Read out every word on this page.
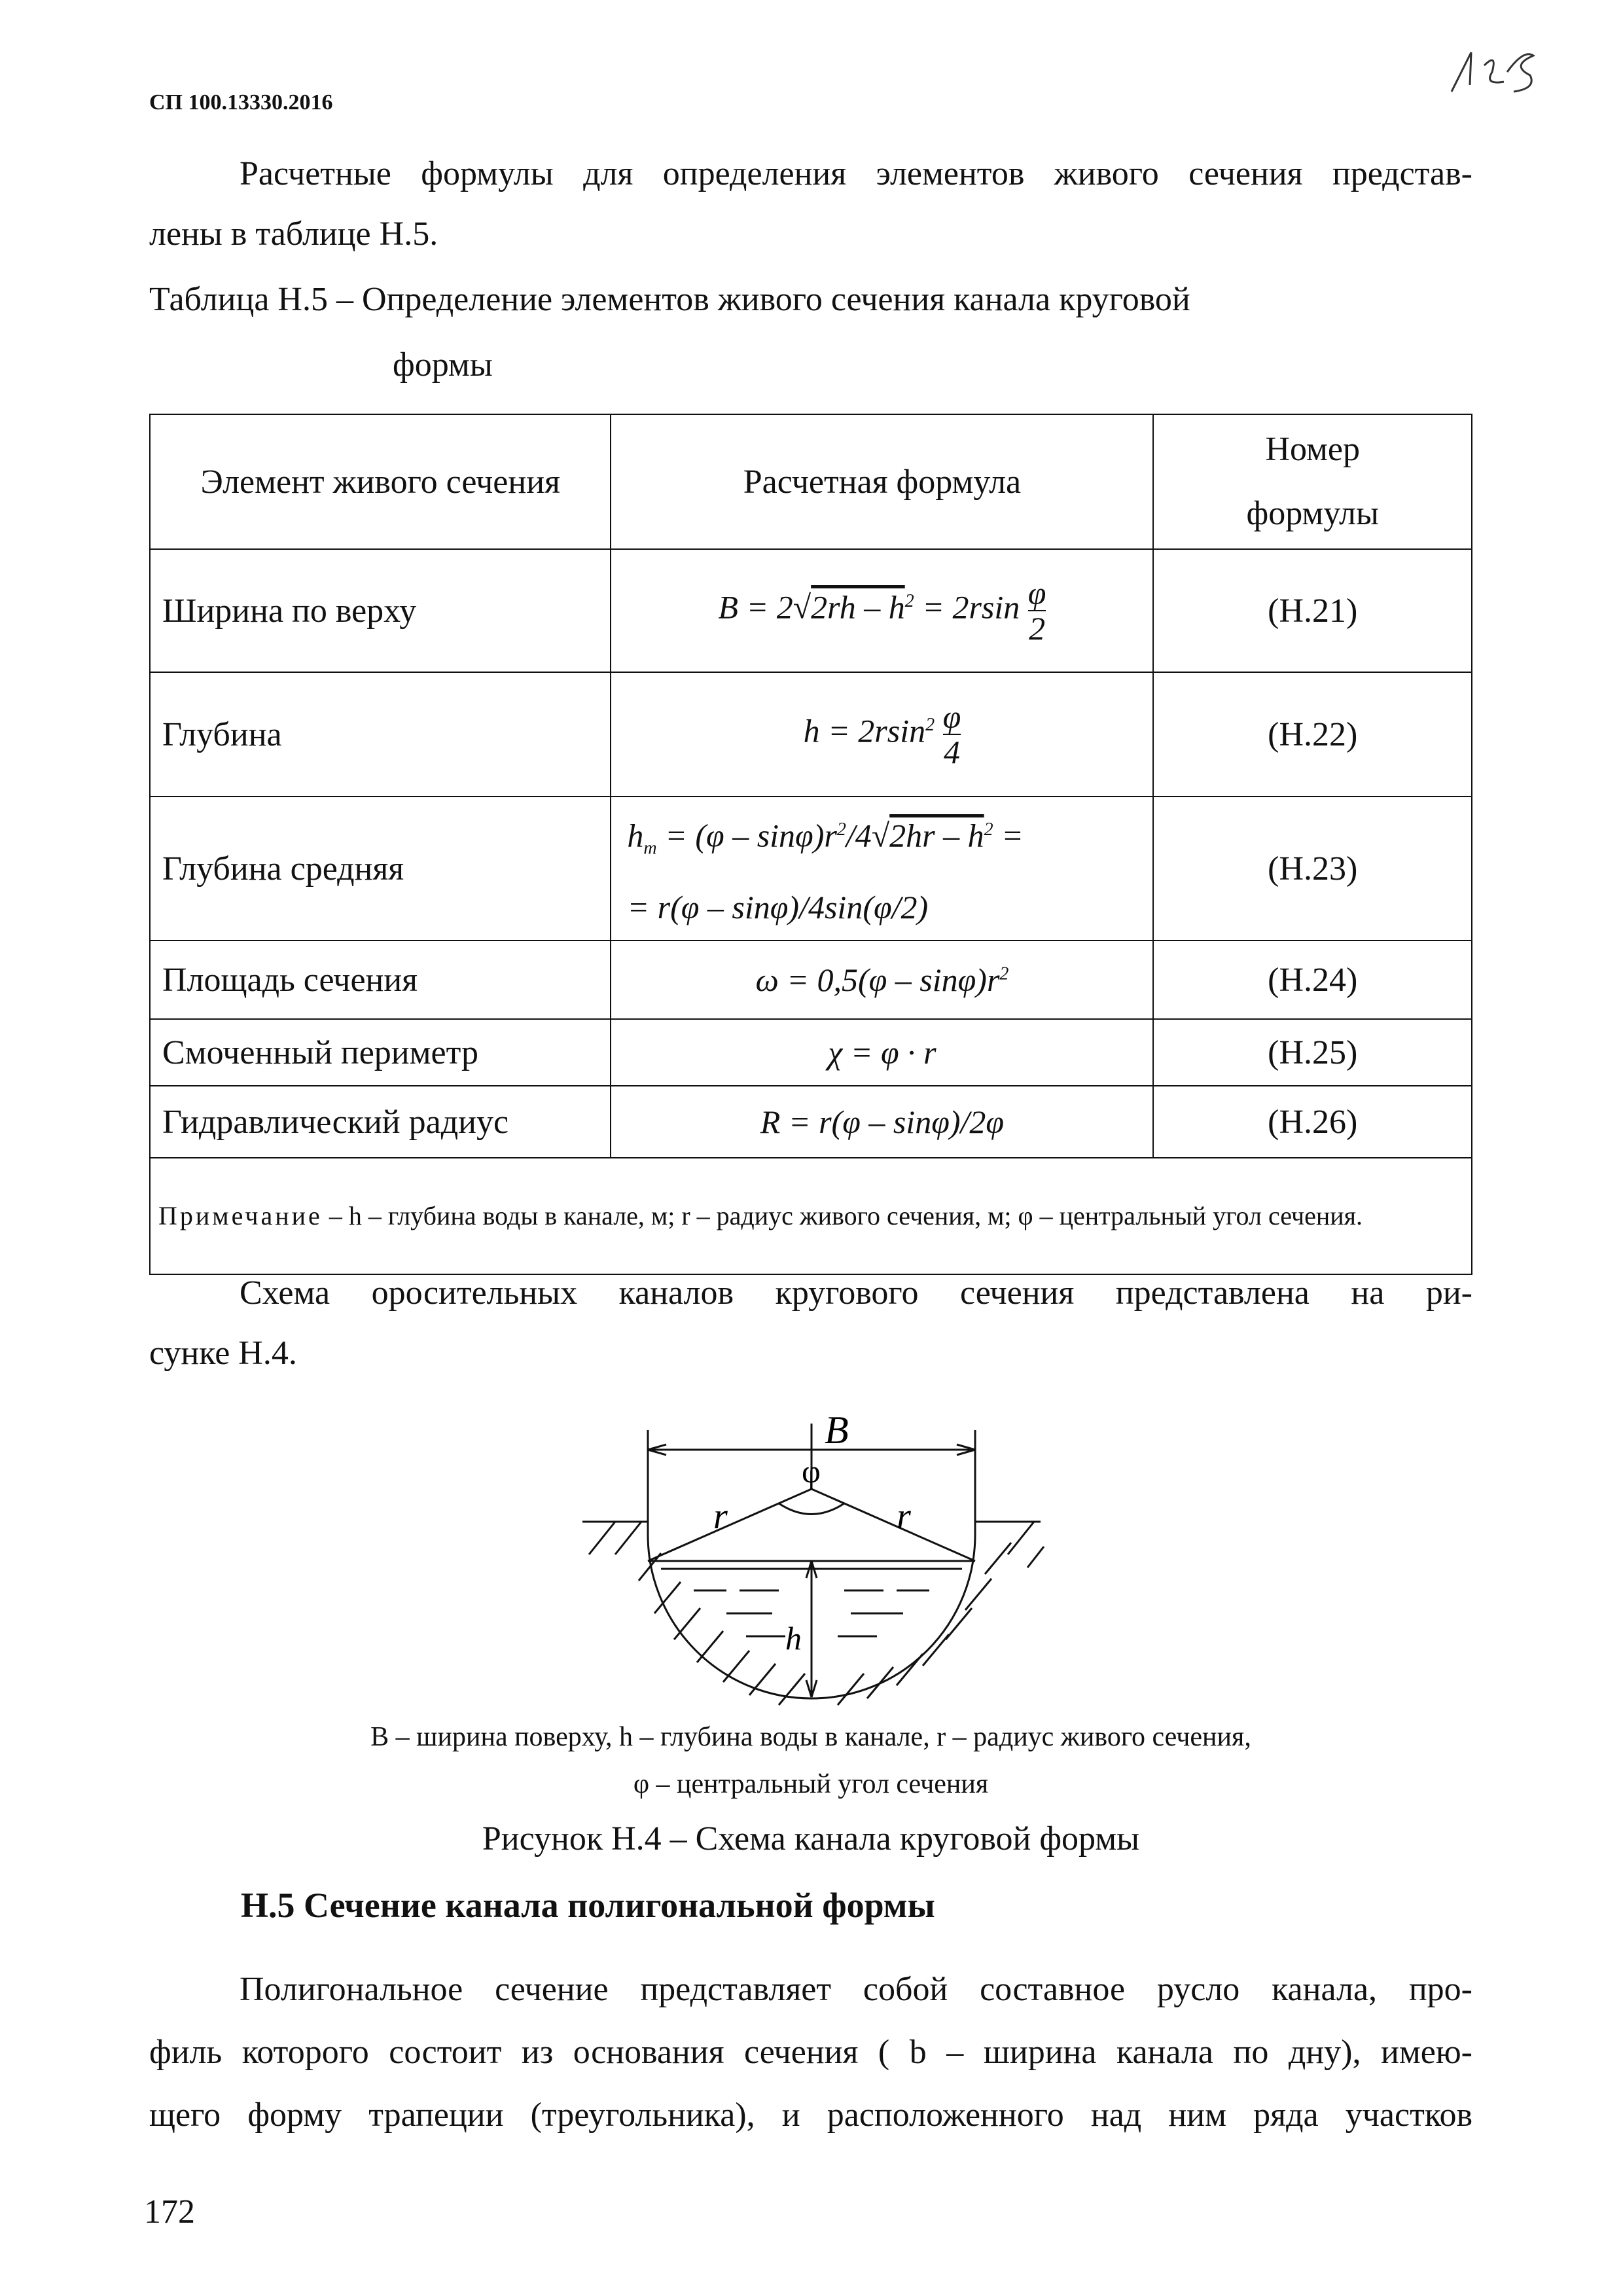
СП 100.13330.2016
Расчетные формулы для определения элементов живого сечения представ-
лены в таблице Н.5.
Таблица Н.5 – Определение элементов живого сечения канала круговой
формы
Элемент живого сечения	Расчетная формула	Номер
формулы
Ширина по верху	$B = 2√2rh - h^2 = 2rsin \frac{\varphi}{2}$	(Н.21)
Глубина	$h = 2rsin^2 \frac{\varphi}{4}$	(Н.22)
Глубина средняя	$h_m = (\varphi - \sin\varphi)r^2/4√2hr - h^2$ =
= r(φ – sinφ)/4sin(φ/2)	(Н.23)
Площадь сечения	$\omega = 0,5(\varphi - \sin\varphi)r^2$	(Н.24)
Смоченный периметр	χ = φ · r	(Н.25)
Гидравлический радиус	R = r(φ – sinφ)/2φ	(Н.26)
Примечание – h – глубина воды в канале, м; r – радиус живого сечения, м; φ – центральный угол сечения.		
Схема оросительных каналов кругового сечения представлена на ри-
сунке Н.4.
B
φ
r	r
h
B – ширина поверху, h – глубина воды в канале, r – радиус живого сечения,
φ – центральный угол сечения
Рисунок Н.4 – Схема канала круговой формы
Н.5 Сечение канала полигональной формы
Полигональное сечение представляет собой составное русло канала, про-
филь которого состоит из основания сечения ( b – ширина канала по дну), имею-
щего форму трапеции (треугольника), и расположенного над ним ряда участков
172
